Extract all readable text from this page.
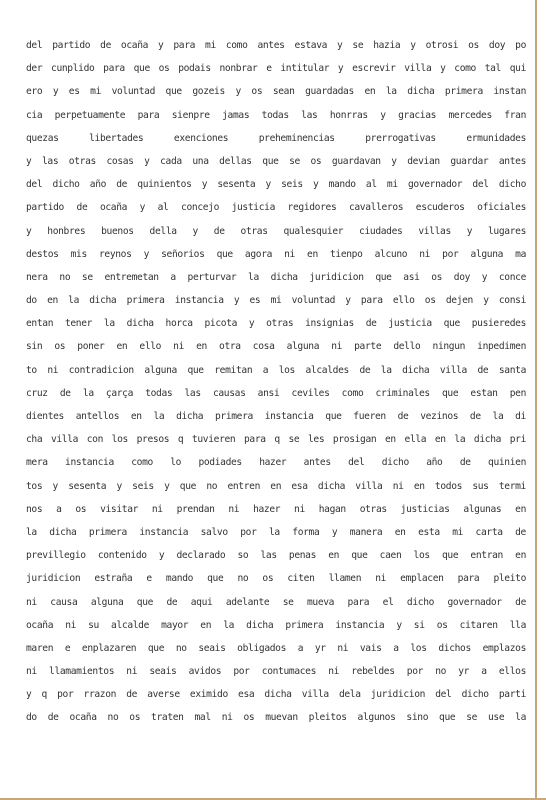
del partido de ocaña y para mi como antes estava y se hazia y otrosi os doy po
der cunplido para que os podais nonbrar e intitular y escrevir villa y como tal qui
ero y es mi voluntad que gozeis y os sean guardadas en la dicha primera instan
cia perpetuamente para sienpre jamas todas las honrras y gracias mercedes fran
quezas libertades exenciones preheminencias prerrogativas ermunidades
y las otras cosas y cada una dellas que se os guardavan y devian guardar antes
del dicho año de quinientos y sesenta y seis y mando al mi governador del dicho
partido de ocaña y al concejo justicia regidores cavalleros escuderos oficiales
y honbres buenos della y de otras qualesquier ciudades villas y lugares
destos mis reynos y señorios que agora ni en tienpo alcuno ni por alguna ma
nera no se entremetan a perturvar la dicha juridicion que asi os doy y conce
do en la dicha primera instancia y es mi voluntad y para ello os dejen y consi
entan tener la dicha horca picota y otras insignias de justicia que pusieredes
sin os poner en ello ni en otra cosa alguna ni parte dello ningun inpedimen
to ni contradicion alguna que remitan a los alcaldes de la dicha villa de santa
cruz de la çarça todas las causas ansi ceviles como criminales que estan pen
dientes antellos en la dicha primera instancia que fueren de vezinos de la di
cha villa con los presos q tuvieren para q se les prosigan en ella en la dicha pri
mera instancia como lo podiades hazer antes del dicho año de quinien
tos y sesenta y seis y que no entren en esa dicha villa ni en todos sus termi
nos a os visitar ni prendan ni hazer ni hagan otras justicias algunas en
la dicha primera instancia salvo por la forma y manera en esta mi carta de
previllegio contenido y declarado so las penas en que caen los que entran en
juridicion estraña e mando que no os citen llamen ni emplacen para pleito
ni causa alguna que de aqui adelante se mueva para el dicho governador de
ocaña ni su alcalde mayor en la dicha primera instancia y si os citaren lla
maren e enplazaren que no seais obligados a yr ni vais a los dichos emplazos
ni llamamientos ni seais avidos por contumaces ni rebeldes por no yr a ellos
y q por rrazon de averse eximido esa dicha villa dela juridicion del dicho parti
do de ocaña no os traten mal ni os muevan pleitos algunos sino que se use la
